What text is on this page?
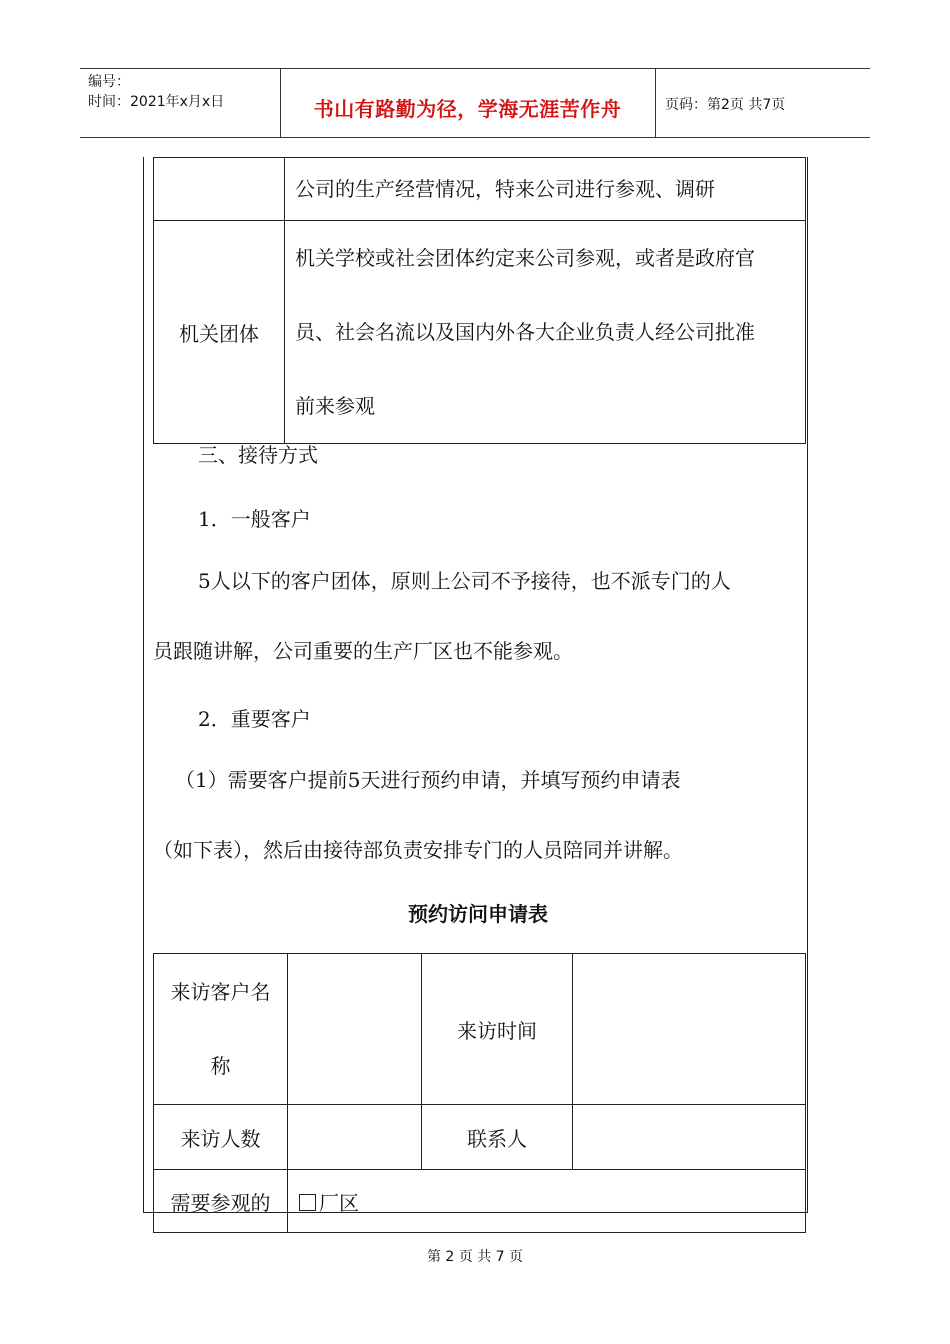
编号：
时间：2021年x月x日	书山有路勤为径，学海无涯苦作舟	页码：第2页 共7页
	公司的生产经营情况，特来公司进行参观、调研
机关团体	机关学校或社会团体约定来公司参观，或者是政府官
员、社会名流以及国内外各大企业负责人经公司批准
前来参观
三、接待方式
1．一般客户
5人以下的客户团体，原则上公司不予接待，也不派专门的人
员跟随讲解，公司重要的生产厂区也不能参观。
2．重要客户
（1）需要客户提前5天进行预约申请，并填写预约申请表
（如下表），然后由接待部负责安排专门的人员陪同并讲解。
预约访问申请表
来访客户名
称		来访时间	
来访人数		联系人	
需要参观的	厂区		
第 2 页 共 7 页
